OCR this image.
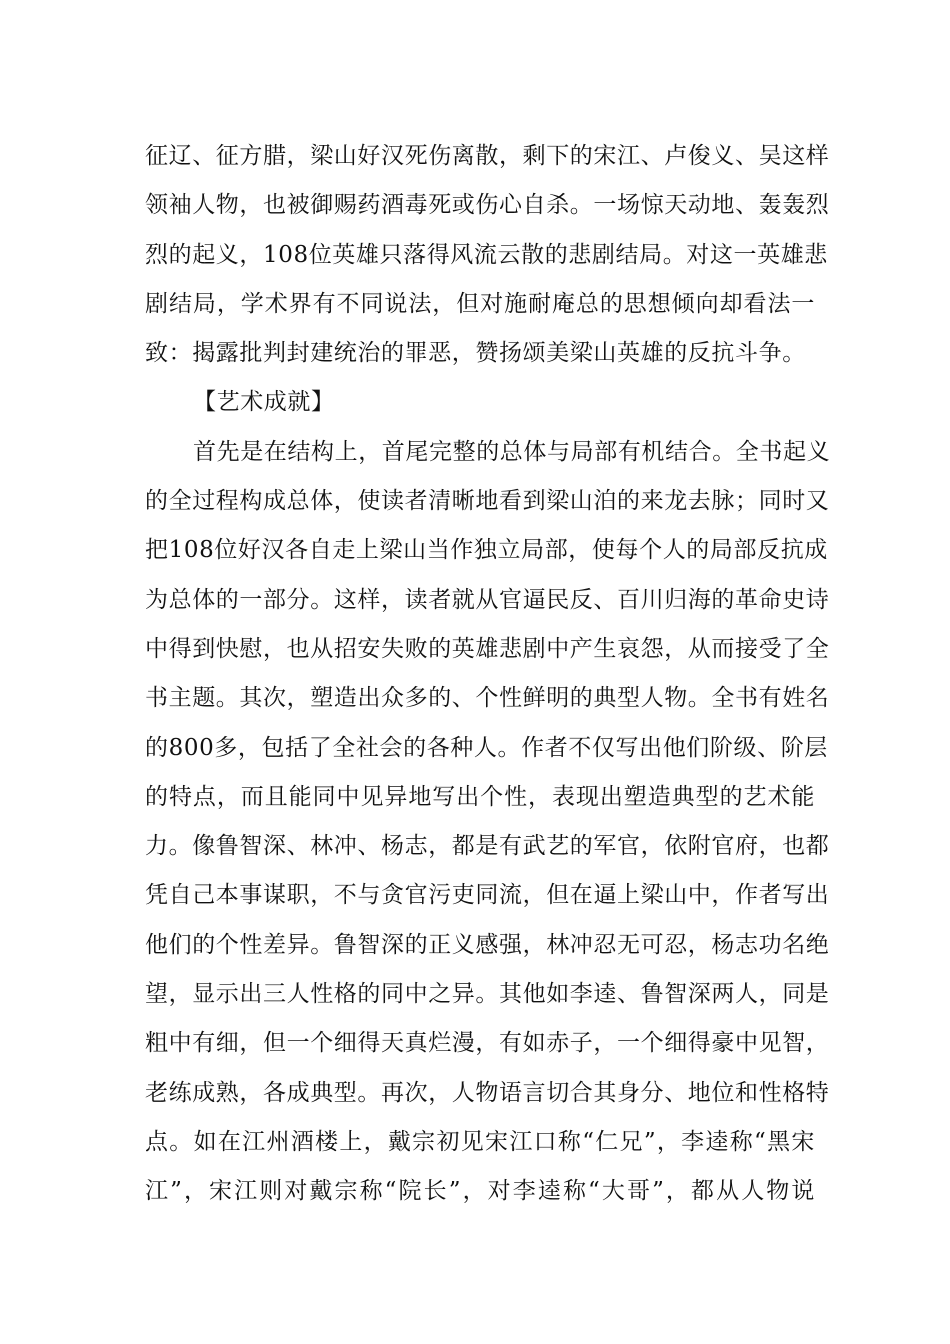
征辽、征方腊，梁山好汉死伤离散，剩下的宋江、卢俊义、吴这样
领袖人物，也被御赐药酒毒死或伤心自杀。一场惊天动地、轰轰烈
烈的起义，108位英雄只落得风流云散的悲剧结局。对这一英雄悲
剧结局，学术界有不同说法，但对施耐庵总的思想倾向却看法一
致：揭露批判封建统治的罪恶，赞扬颂美梁山英雄的反抗斗争。
【艺术成就】
首先是在结构上，首尾完整的总体与局部有机结合。全书起义
的全过程构成总体，使读者清晰地看到梁山泊的来龙去脉；同时又
把108位好汉各自走上梁山当作独立局部，使每个人的局部反抗成
为总体的一部分。这样，读者就从官逼民反、百川归海的革命史诗
中得到快慰，也从招安失败的英雄悲剧中产生哀怨，从而接受了全
书主题。其次，塑造出众多的、个性鲜明的典型人物。全书有姓名
的800多，包括了全社会的各种人。作者不仅写出他们阶级、阶层
的特点，而且能同中见异地写出个性，表现出塑造典型的艺术能
力。像鲁智深、林冲、杨志，都是有武艺的军官，依附官府，也都
凭自己本事谋职，不与贪官污吏同流，但在逼上梁山中，作者写出
他们的个性差异。鲁智深的正义感强，林冲忍无可忍，杨志功名绝
望，显示出三人性格的同中之异。其他如李逵、鲁智深两人，同是
粗中有细，但一个细得天真烂漫，有如赤子，一个细得豪中见智，
老练成熟，各成典型。再次，人物语言切合其身分、地位和性格特
点。如在江州酒楼上，戴宗初见宋江口称“仁兄”，李逵称“黑宋
江”，宋江则对戴宗称“院长”，对李逵称“大哥”，都从人物说
